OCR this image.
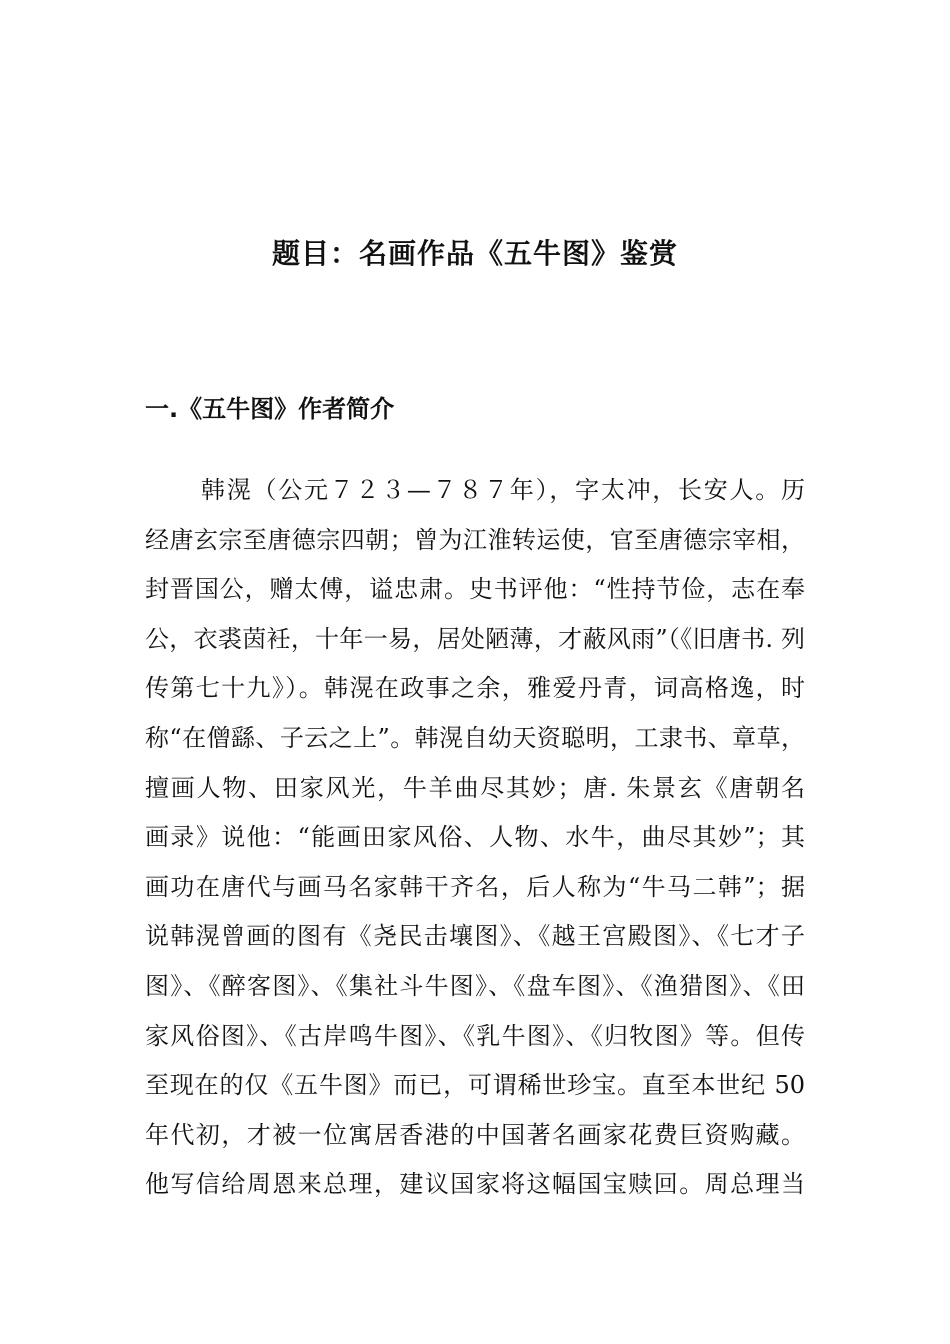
题目：名画作品《五牛图》鉴赏
一.《五牛图》作者简介
韩滉（公元７２３—７８７年），字太冲，长安人。历
经唐玄宗至唐德宗四朝；曾为江淮转运使，官至唐德宗宰相，
封晋国公，赠太傅，谥忠肃。史书评他：“性持节俭，志在奉
公，衣裘茵衽，十年一易，居处陋薄，才蔽风雨”（《旧唐书. 列
传第七十九》）。韩滉在政事之余，雅爱丹青，词高格逸，时
称“在僧繇、子云之上”。韩滉自幼天资聪明，工隶书、章草，
擅画人物、田家风光，牛羊曲尽其妙；唐. 朱景玄《唐朝名
画录》说他：“能画田家风俗、人物、水牛，曲尽其妙”；其
画功在唐代与画马名家韩干齐名，后人称为“牛马二韩”；据
说韩滉曾画的图有《尧民击壤图》、《越王宫殿图》、《七才子
图》、《醉客图》、《集社斗牛图》、《盘车图》、《渔猎图》、《田
家风俗图》、《古岸鸣牛图》、《乳牛图》、《归牧图》等。但传
至现在的仅《五牛图》而已，可谓稀世珍宝。直至本世纪 50
年代初，才被一位寓居香港的中国著名画家花费巨资购藏。
他写信给周恩来总理，建议国家将这幅国宝赎回。周总理当
